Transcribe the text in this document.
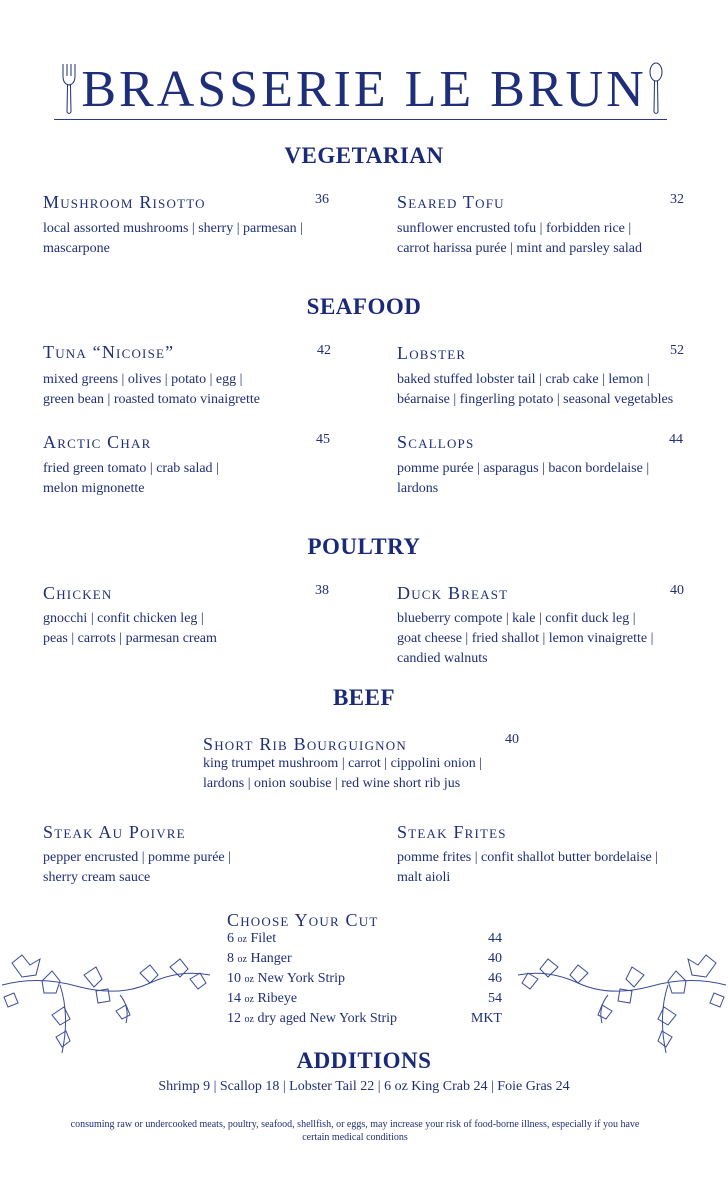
BRASSERIE LE BRUN
VEGETARIAN
Mushroom Risotto	36
local assorted mushrooms | sherry | parmesan |
mascarpone
Seared Tofu	32
sunflower encrusted tofu | forbidden rice |
carrot harissa purée | mint and parsley salad
SEAFOOD
Tuna “Nicoise”	42
mixed greens | olives | potato | egg |
green bean | roasted tomato vinaigrette
Lobster	52
baked stuffed lobster tail | crab cake | lemon |
béarnaise | fingerling potato | seasonal vegetables
Arctic Char	45
fried green tomato | crab salad |
melon mignonette
Scallops	44
pomme purée | asparagus | bacon bordelaise |
lardons
POULTRY
Chicken	38
gnocchi | confit chicken leg |
peas | carrots | parmesan cream
Duck Breast	40
blueberry compote | kale | confit duck leg |
goat cheese | fried shallot | lemon vinaigrette |
candied walnuts
BEEF
Short Rib Bourguignon	40
king trumpet mushroom | carrot | cippolini onion |
lardons | onion soubise | red wine short rib jus
Steak Au Poivre
pepper encrusted | pomme purée |
sherry cream sauce
Steak Frites
pomme frites | confit shallot butter bordelaise |
malt aioli
Choose Your Cut
6 oz Filet	44
8 oz Hanger	40
10 oz New York Strip	46
14 oz Ribeye	54
12 oz dry aged New York Strip	MKT
ADDITIONS
Shrimp 9 | Scallop 18 | Lobster Tail 22 | 6 oz King Crab 24 | Foie Gras 24
consuming raw or undercooked meats, poultry, seafood, shellfish, or eggs, may increase your risk of food-borne illness, especially if you have
certain medical conditions
